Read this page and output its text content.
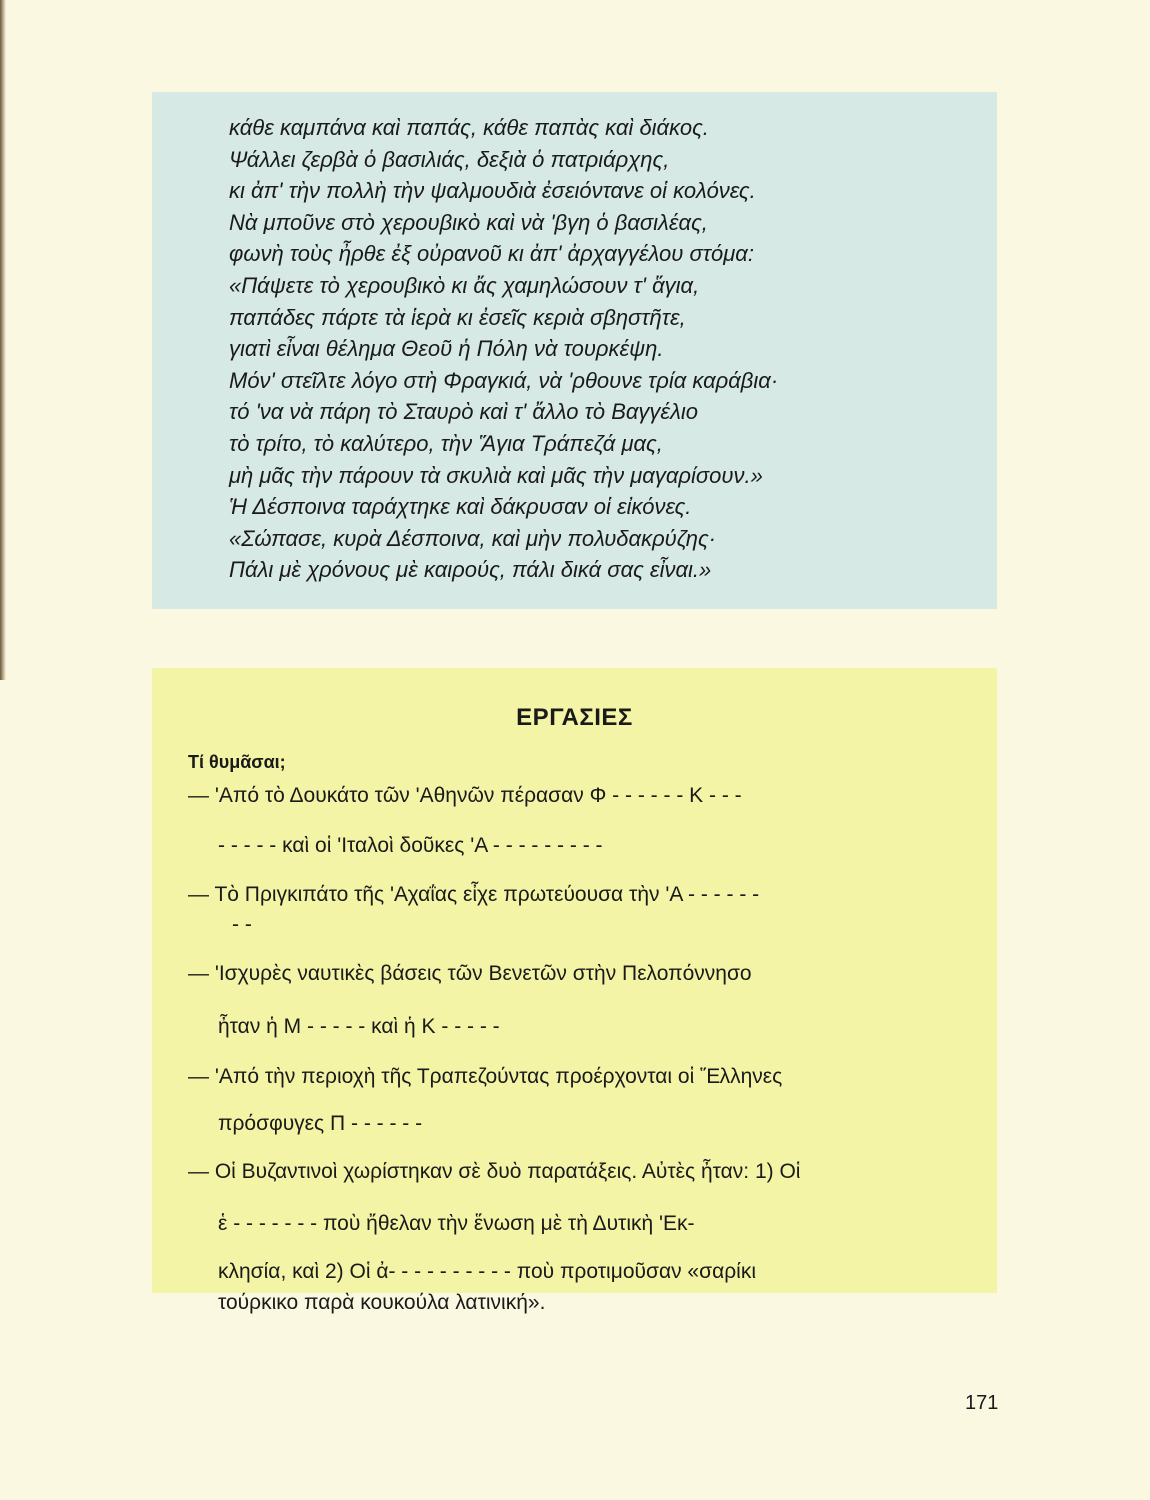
κάθε καμπάνα καὶ παπάς, κάθε παπὰς καὶ διάκος.
Ψάλλει ζερβὰ ὁ βασιλιάς, δεξιὰ ὁ πατριάρχης,
κι ἀπ' τὴν πολλὴ τὴν ψαλμουδιὰ ἐσειόντανε οἱ κολόνες.
Νὰ μποῦνε στὸ χερουβικὸ καὶ νὰ 'βγη ὁ βασιλέας,
φωνὴ τοὺς ἦρθε ἐξ οὐρανοῦ κι ἀπ' ἀρχαγγέλου στόμα:
«Πάψετε τὸ χερουβικὸ κι ἄς χαμηλώσουν τ' ἅγια,
παπάδες πάρτε τὰ ἱερὰ κι ἐσεῖς κεριὰ σβηστῆτε,
γιατὶ εἶναι θέλημα Θεοῦ ἡ Πόλη νὰ τουρκέψη.
Μόν' στεῖλτε λόγο στὴ Φραγκιά, νὰ 'ρθουνε τρία καράβια·
τό 'να νὰ πάρη τὸ Σταυρὸ καὶ τ' ἄλλο τὸ Βαγγέλιο
τὸ τρίτο, τὸ καλύτερο, τὴν Ἅγια Τράπεζά μας,
μὴ μᾶς τὴν πάρουν τὰ σκυλιὰ καὶ μᾶς τὴν μαγαρίσουν.»
Ἡ Δέσποινα ταράχτηκε καὶ δάκρυσαν οἱ εἰκόνες.
«Σώπασε, κυρὰ Δέσποινα, καὶ μὴν πολυδακρύζης·
Πάλι μὲ χρόνους μὲ καιρούς, πάλι δικά σας εἶναι.»
ΕΡΓΑΣΙΕΣ
Τί θυμᾶσαι;
— 'Από τὸ Δουκάτο τῶν 'Αθηνῶν πέρασαν Φ - - - - - - Κ - - -
- - - - - καὶ οἱ 'Ιταλοὶ δοῦκες 'Α - - - - - - - - -
— Τὸ Πριγκιπάτο τῆς 'Αχαΐας εἶχε πρωτεύουσα τὴν 'Α - - - - - -
- -
— 'Ισχυρὲς ναυτικὲς βάσεις τῶν Βενετῶν στὴν Πελοπόννησο
ἦταν ἡ Μ - - - - - καὶ ἡ Κ - - - - -
— 'Από τὴν περιοχὴ τῆς Τραπεζούντας προέρχονται οἱ Ἕλληνες
πρόσφυγες Π - - - - - -
— Οἱ Βυζαντινοὶ χωρίστηκαν σὲ δυὸ παρατάξεις. Αὐτὲς ἦταν: 1) Οἱ
ἑ - - - - - - - ποὺ ἤθελαν τὴν ἕνωση μὲ τὴ Δυτικὴ 'Εκ-
κλησία, καὶ 2) Οἱ ἀ- - - - - - - - - - ποὺ προτιμοῦσαν «σαρίκι
τούρκικο παρὰ κουκούλα λατινική».
171
